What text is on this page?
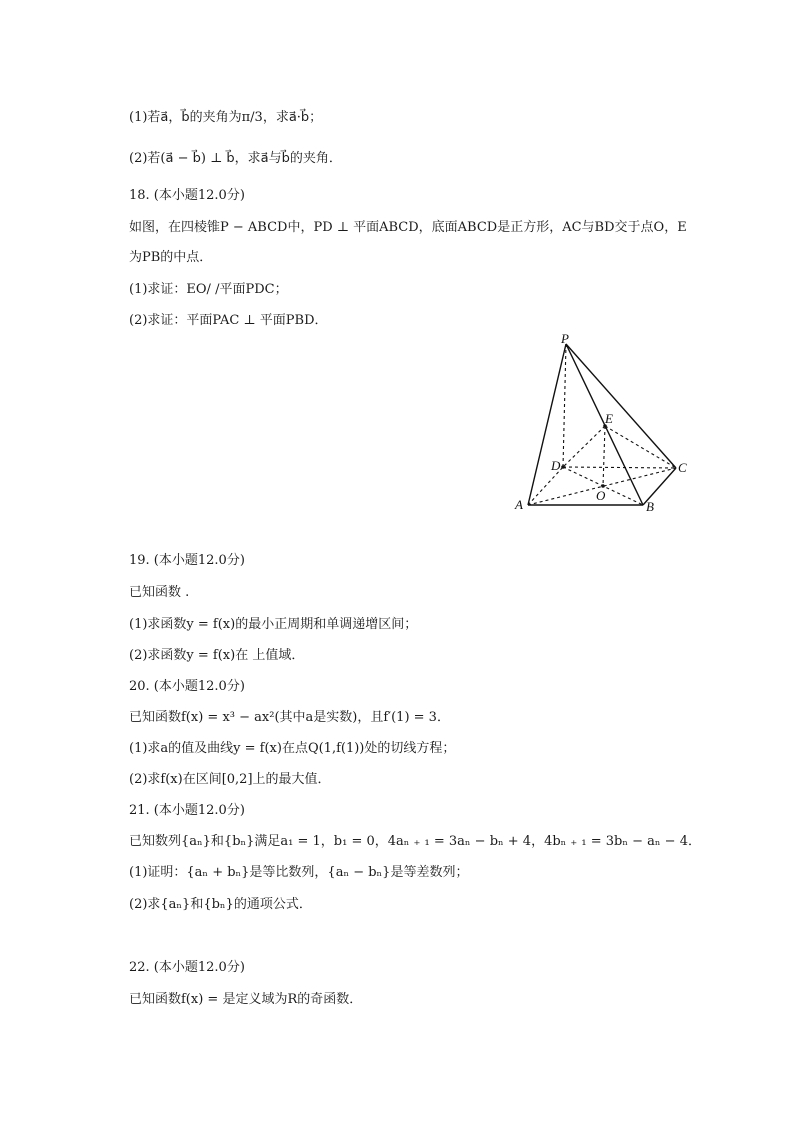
(1)若a⃗，b⃗的夹角为π/3，求a⃗·b⃗；
(2)若(a⃗ − b⃗) ⊥ b⃗，求a⃗与b⃗的夹角．
18. (本小题12.0分)
如图，在四棱锥P − ABCD中，PD ⊥ 平面ABCD，底面ABCD是正方形，AC与BD交于点O，E
为PB的中点．
(1)求证：EO/ /平面PDC；
(2)求证：平面PAC ⊥ 平面PBD．
P
E
D	C
O
A	B
19. (本小题12.0分)
已知函数 .
(1)求函数y = f(x)的最小正周期和单调递增区间；
(2)求函数y = f(x)在 上值域．
20. (本小题12.0分)
已知函数f(x) = x³ − ax²(其中a是实数)，且f′(1) = 3．
(1)求a的值及曲线y = f(x)在点Q(1,f(1))处的切线方程；
(2)求f(x)在区间[0,2]上的最大值．
21. (本小题12.0分)
已知数列{aₙ}和{bₙ}满足a₁ = 1，b₁ = 0，4aₙ ₊ ₁ = 3aₙ − bₙ + 4，4bₙ ₊ ₁ = 3bₙ − aₙ − 4．
(1)证明：{aₙ + bₙ}是等比数列，{aₙ − bₙ}是等差数列；
(2)求{aₙ}和{bₙ}的通项公式．
22. (本小题12.0分)
已知函数f(x) = 是定义域为R的奇函数．
